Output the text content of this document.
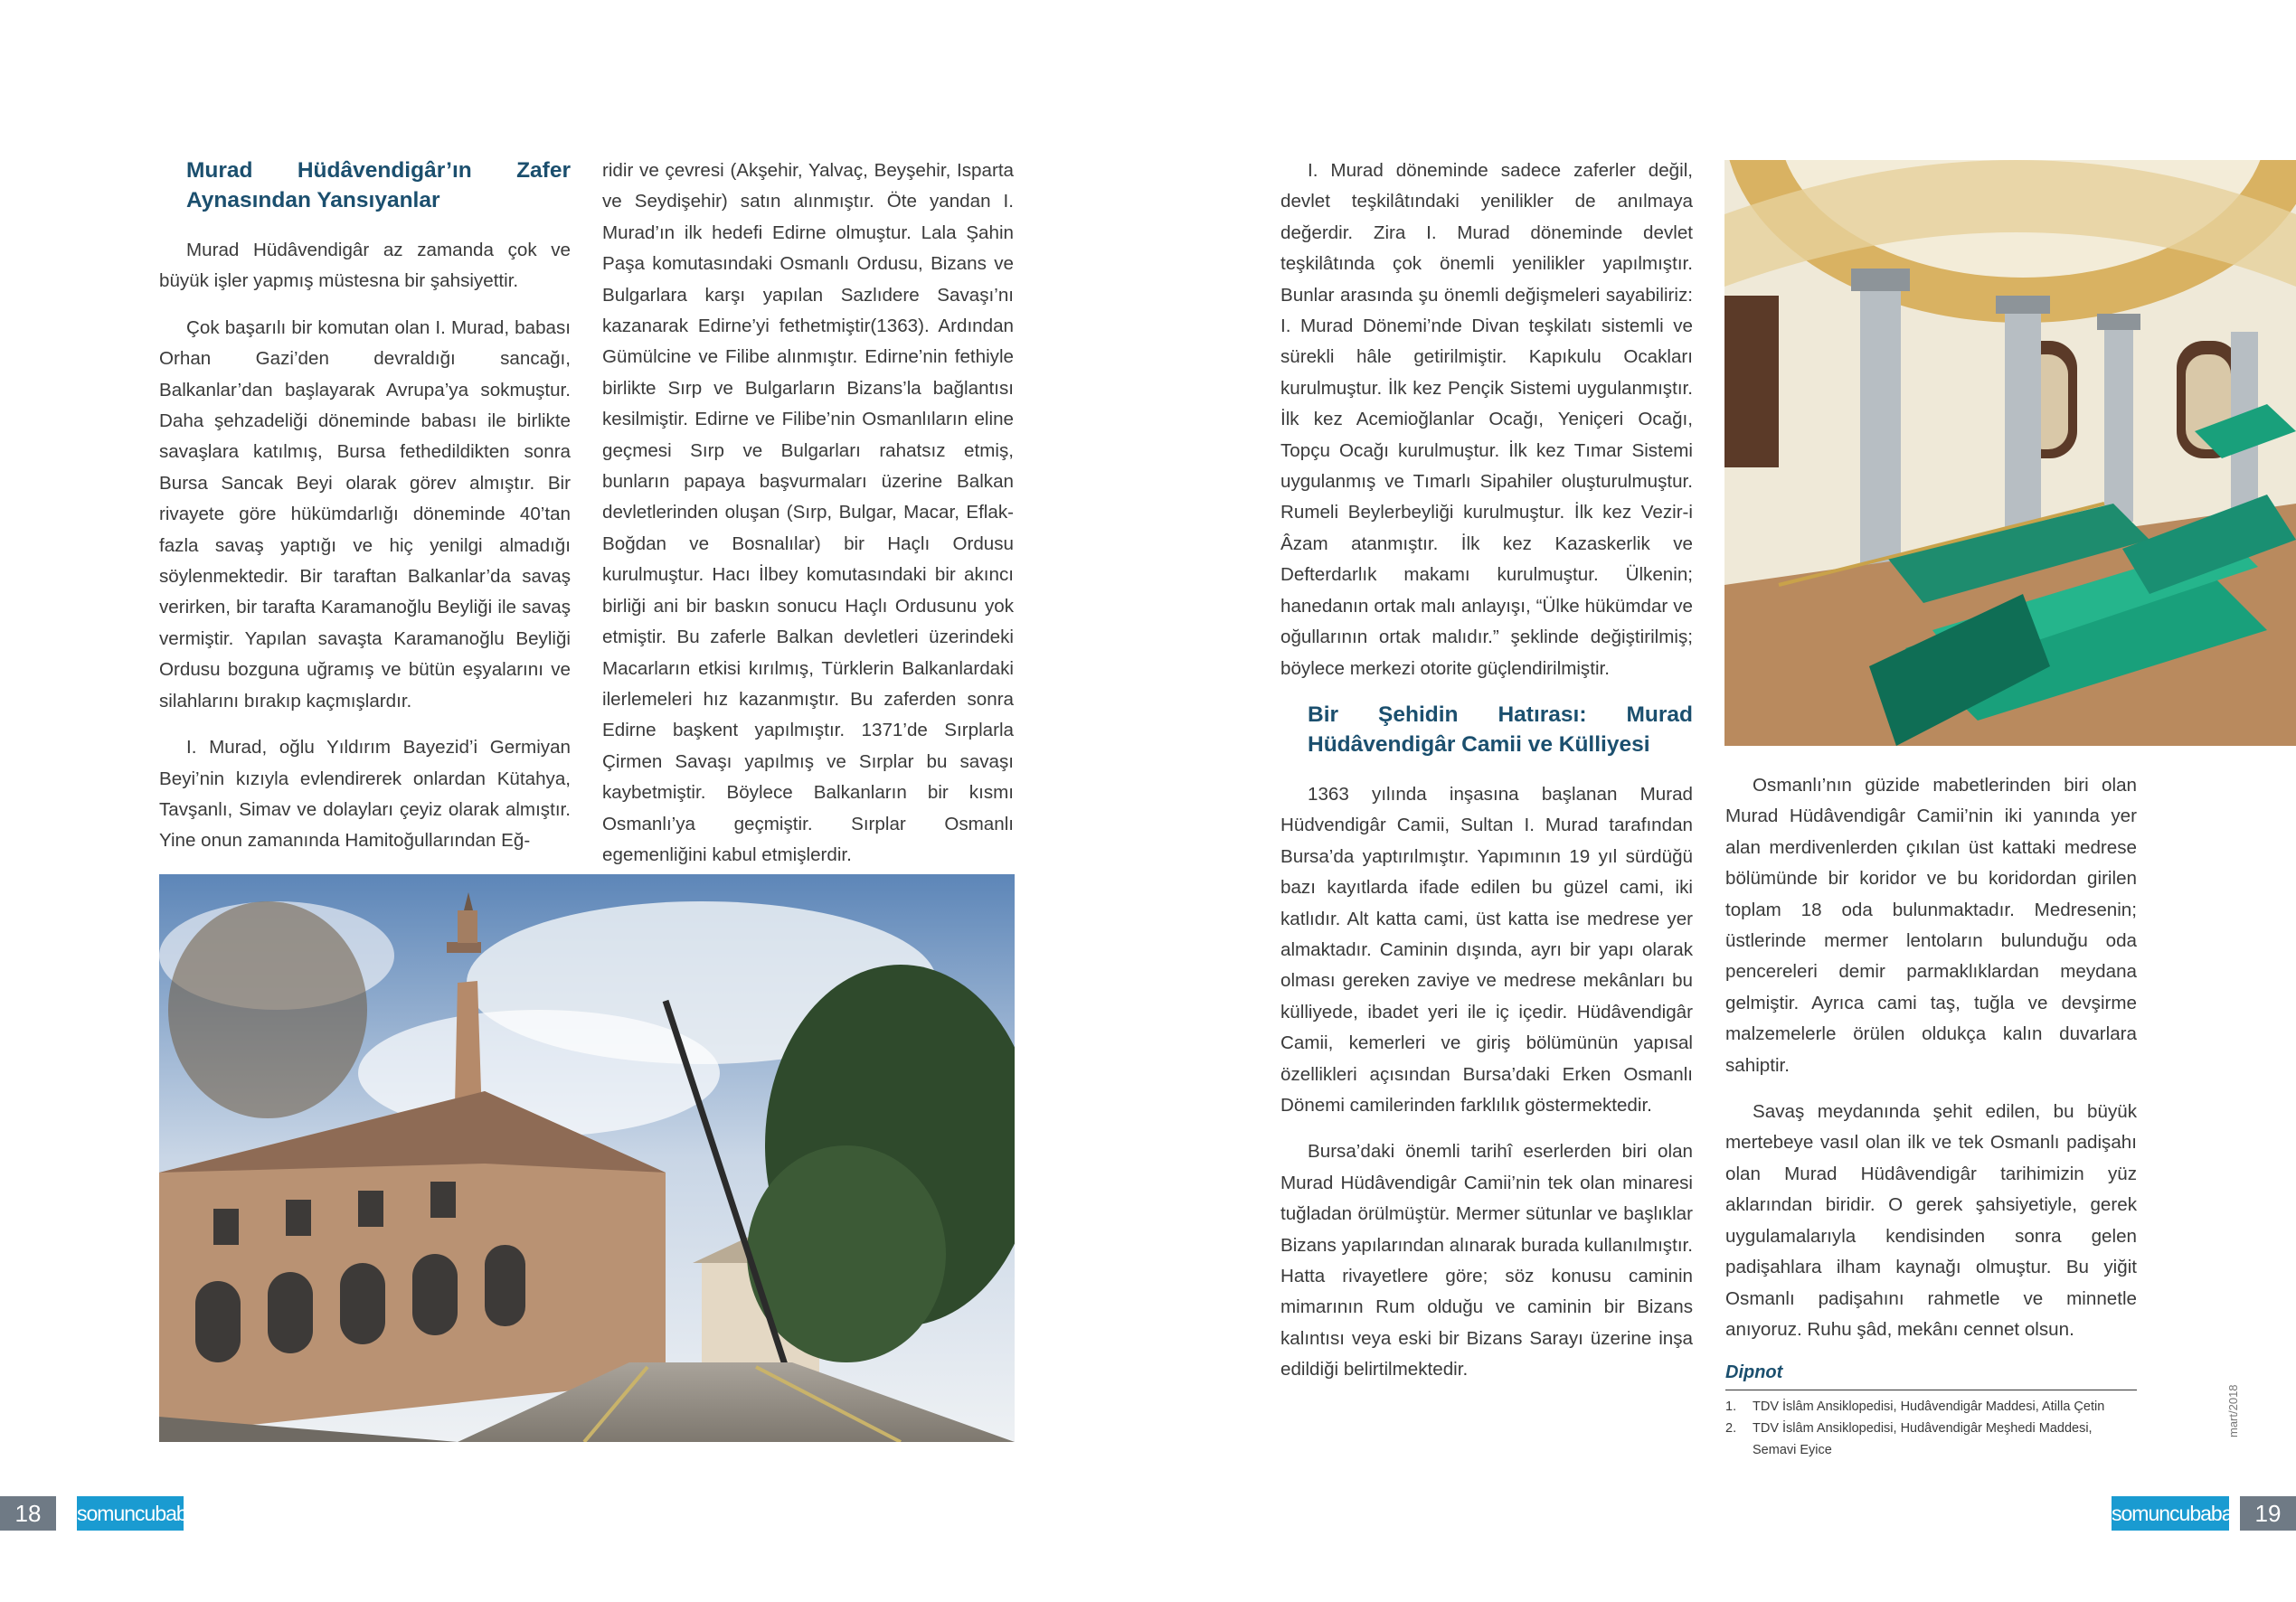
Murad Hüdâvendigâr’ın Zafer Aynasından Yansıyanlar

Murad Hüdâvendigâr az zamanda çok ve büyük işler yapmış müstesna bir şahsiyettir.

Çok başarılı bir komutan olan I. Murad, babası Orhan Gazi’den devraldığı sancağı, Balkanlar’dan başlayarak Avrupa’ya sokmuştur. Daha şehzadeliği döneminde babası ile birlikte savaşlara katılmış, Bursa fethedildikten sonra Bursa Sancak Beyi olarak görev almıştır. Bir rivayete göre hükümdarlığı döneminde 40’tan fazla savaş yaptığı ve hiç yenilgi almadığı söylenmektedir. Bir taraftan Balkanlar’da savaş verirken, bir tarafta Karamanoğlu Beyliği ile savaş vermiştir. Yapılan savaşta Karamanoğlu Beyliği Ordusu bozguna uğramış ve bütün eşyalarını ve silahlarını bırakıp kaçmışlardır.

I. Murad, oğlu Yıldırım Bayezid’i Germiyan Beyi’nin kızıyla evlendirerek onlardan Kütahya, Tavşanlı, Simav ve dolayları çeyiz olarak almıştır. Yine onun zamanında Hamitoğullarından Eğ-

ridir ve çevresi (Akşehir, Yalvaç, Beyşehir, Isparta ve Seydişehir) satın alınmıştır. Öte yandan I. Murad’ın ilk hedefi Edirne olmuştur. Lala Şahin Paşa komutasındaki Osmanlı Ordusu, Bizans ve Bulgarlara karşı yapılan Sazlıdere Savaşı’nı kazanarak Edirne’yi fethetmiştir(1363). Ardından Gümülcine ve Filibe alınmıştır. Edirne’nin fethiyle birlikte Sırp ve Bulgarların Bizans’la bağlantısı kesilmiştir. Edirne ve Filibe’nin Osmanlıların eline geçmesi Sırp ve Bulgarları rahatsız etmiş, bunların papaya başvurmaları üzerine Balkan devletlerinden oluşan (Sırp, Bulgar, Macar, Eflak-Boğdan ve Bosnalılar) bir Haçlı Ordusu kurulmuştur. Hacı İlbey komutasındaki bir akıncı birliği ani bir baskın sonucu Haçlı Ordusunu yok etmiştir. Bu zaferle Balkan devletleri üzerindeki Macarların etkisi kırılmış, Türklerin Balkanlardaki ilerlemeleri hız kazanmıştır. Bu zaferden sonra Edirne başkent yapılmıştır. 1371’de Sırplarla Çirmen Savaşı yapılmış ve Sırplar bu savaşı kaybetmiştir. Böylece Balkanların bir kısmı Osmanlı’ya geçmiştir. Sırplar Osmanlı egemenliğini kabul etmişlerdir.

I. Murad döneminde sadece zaferler değil, devlet teşkilâtındaki yenilikler de anılmaya değerdir. Zira I. Murad döneminde devlet teşkilâtında çok önemli yenilikler yapılmıştır. Bunlar arasında şu önemli değişmeleri sayabiliriz: I. Murad Dönemi’nde Divan teşkilatı sistemli ve sürekli hâle getirilmiştir. Kapıkulu Ocakları kurulmuştur. İlk kez Pençik Sistemi uygulanmıştır. İlk kez Acemioğlanlar Ocağı, Yeniçeri Ocağı, Topçu Ocağı kurulmuştur. İlk kez Tımar Sistemi uygulanmış ve Tımarlı Sipahiler oluşturulmuştur. Rumeli Beylerbeyliği kurulmuştur. İlk kez Vezir-i Âzam atanmıştır. İlk kez Kazaskerlik ve Defterdarlık makamı kurulmuştur. Ülkenin; hanedanın ortak malı anlayışı, “Ülke hükümdar ve oğullarının ortak malıdır.” şeklinde değiştirilmiş; böylece merkezi otorite güçlendirilmiştir.

Bir Şehidin Hatırası: Murad Hüdâvendigâr Camii ve Külliyesi

1363 yılında inşasına başlanan Murad Hüdvendigâr Camii, Sultan I. Murad tarafından Bursa’da yaptırılmıştır. Yapımının 19 yıl sürdüğü bazı kayıtlarda ifade edilen bu güzel cami, iki katlıdır. Alt katta cami, üst katta ise medrese yer almaktadır. Caminin dışında, ayrı bir yapı olarak olması gereken zaviye ve medrese mekânları bu külliyede, ibadet yeri ile iç içedir. Hüdâvendigâr Camii, kemerleri ve giriş bölümünün yapısal özellikleri açısından Bursa’daki Erken Osmanlı Dönemi camilerinden farklılık göstermektedir.

Bursa’daki önemli tarihî eserlerden biri olan Murad Hüdâvendigâr Camii’nin tek olan minaresi tuğladan örülmüştür. Mermer sütunlar ve başlıklar Bizans yapılarından alınarak burada kullanılmıştır. Hatta rivayetlere göre; söz konusu caminin mimarının Rum olduğu ve caminin bir Bizans kalıntısı veya eski bir Bizans Sarayı üzerine inşa edildiği belirtilmektedir.

Osmanlı’nın güzide mabetlerinden biri olan Murad Hüdâvendigâr Camii’nin iki yanında yer alan merdivenlerden çıkılan üst kattaki medrese bölümünde bir koridor ve bu koridordan girilen toplam 18 oda bulunmaktadır. Medresenin; üstlerinde mermer lentoların bulunduğu oda pencereleri demir parmaklıklardan meydana gelmiştir. Ayrıca cami taş, tuğla ve devşirme malzemelerle örülen oldukça kalın duvarlara sahiptir.

Savaş meydanında şehit edilen, bu büyük mertebeye vasıl olan ilk ve tek Osmanlı padişahı olan Murad Hüdâvendigâr tarihimizin yüz aklarından biridir. O gerek şahsiyetiyle, gerek uygulamalarıyla kendisinden sonra gelen padişahlara ilham kaynağı olmuştur. Bu yiğit Osmanlı padişahını rahmetle ve minnetle anıyoruz. Ruhu şâd, mekânı cennet olsun.

Dipnot
1.	TDV İslâm Ansiklopedisi, Hudâvendigâr Maddesi, Atilla Çetin
2.	TDV İslâm Ansiklopedisi, Hudâvendigâr Meşhedi Maddesi, Semavi Eyice
mart/2018
18	somuncubaba	somuncubaba 19
